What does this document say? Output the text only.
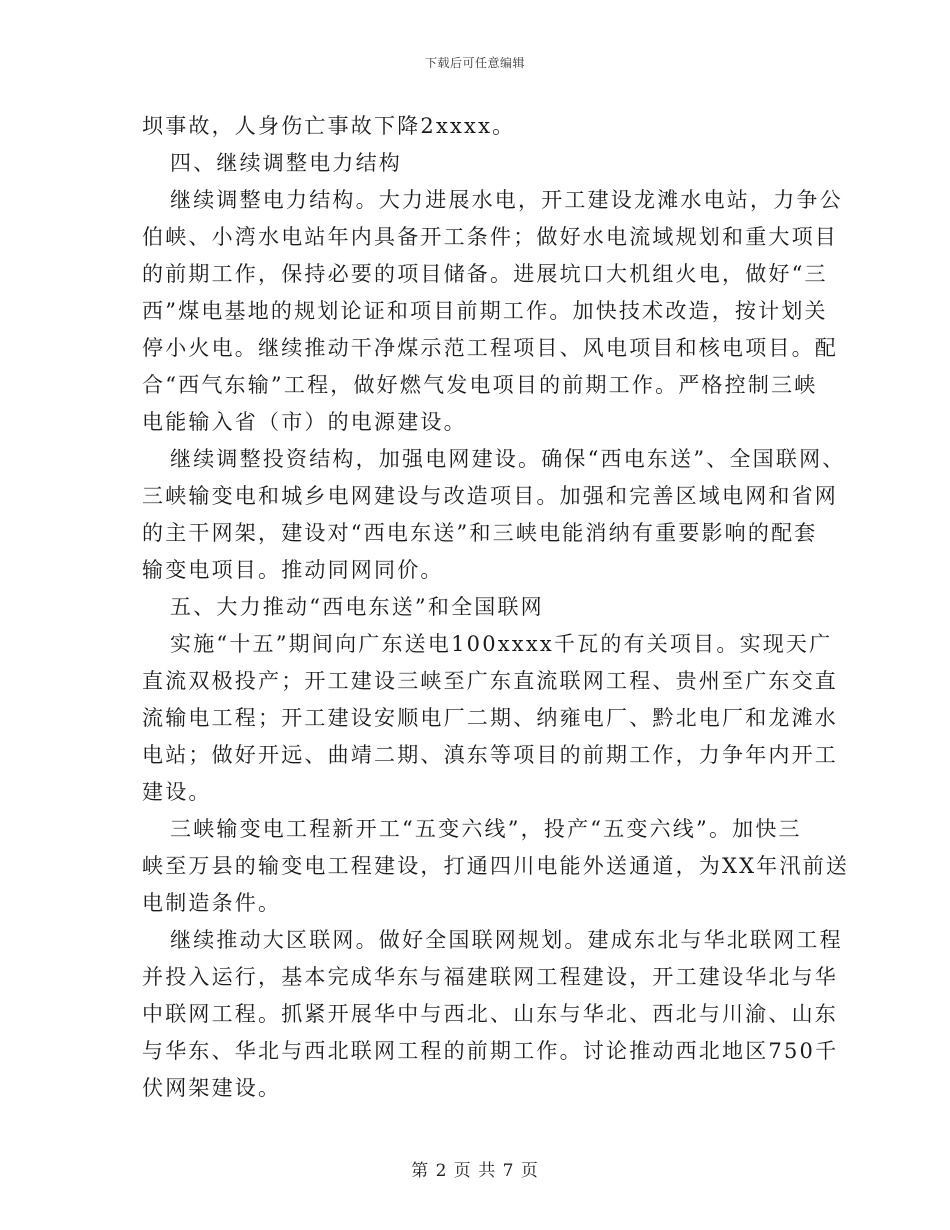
下载后可任意编辑
坝事故，人身伤亡事故下降2xxxx。
四、继续调整电力结构
继续调整电力结构。大力进展水电，开工建设龙滩水电站，力争公
伯峡、小湾水电站年内具备开工条件；做好水电流域规划和重大项目
的前期工作，保持必要的项目储备。进展坑口大机组火电，做好“三
西”煤电基地的规划论证和项目前期工作。加快技术改造，按计划关
停小火电。继续推动干净煤示范工程项目、风电项目和核电项目。配
合“西气东输”工程，做好燃气发电项目的前期工作。严格控制三峡
电能输入省（市）的电源建设。
继续调整投资结构，加强电网建设。确保“西电东送”、全国联网、
三峡输变电和城乡电网建设与改造项目。加强和完善区域电网和省网
的主干网架，建设对“西电东送”和三峡电能消纳有重要影响的配套
输变电项目。推动同网同价。
五、大力推动“西电东送”和全国联网
实施“十五”期间向广东送电100xxxx千瓦的有关项目。实现天广
直流双极投产；开工建设三峡至广东直流联网工程、贵州至广东交直
流输电工程；开工建设安顺电厂二期、纳雍电厂、黔北电厂和龙滩水
电站；做好开远、曲靖二期、滇东等项目的前期工作，力争年内开工
建设。
三峡输变电工程新开工“五变六线”，投产“五变六线”。加快三
峡至万县的输变电工程建设，打通四川电能外送通道，为XX年汛前送
电制造条件。
继续推动大区联网。做好全国联网规划。建成东北与华北联网工程
并投入运行，基本完成华东与福建联网工程建设，开工建设华北与华
中联网工程。抓紧开展华中与西北、山东与华北、西北与川渝、山东
与华东、华北与西北联网工程的前期工作。讨论推动西北地区750千
伏网架建设。
第 2 页 共 7 页
